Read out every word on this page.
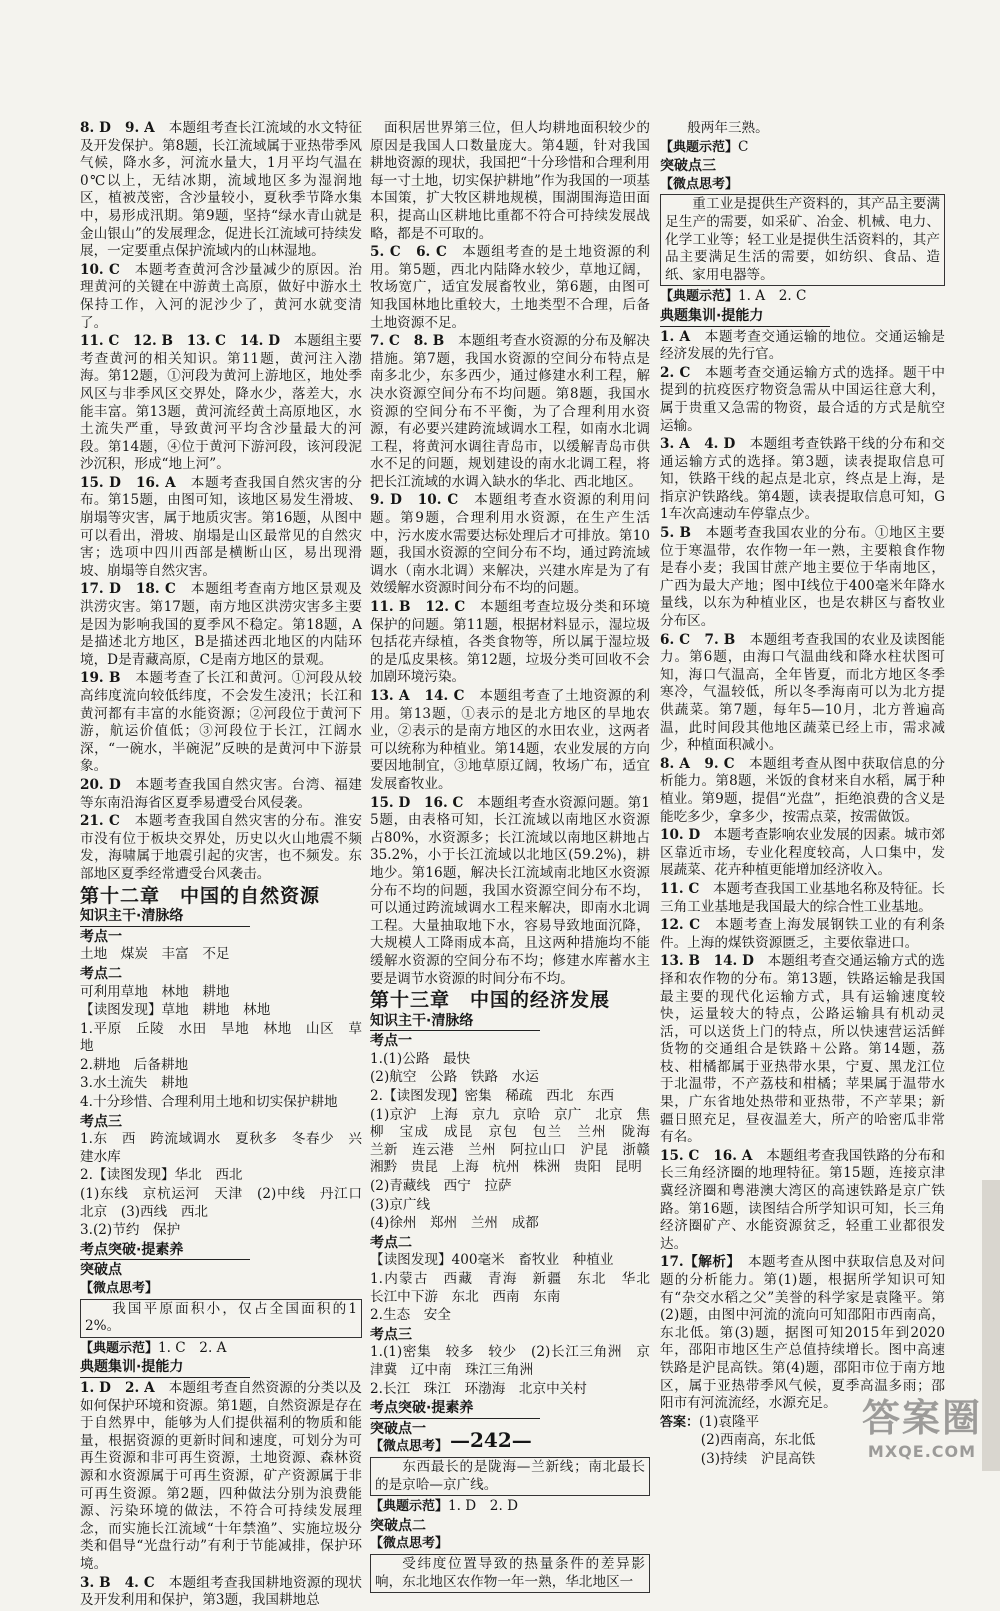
8. D　9. A　本题组考查长江流域的水文特征及开发保护。第8题，长江流域属于亚热带季风气候，降水多，河流水量大，1月平均气温在0℃以上，无结冰期，流域地区多为湿润地区，植被茂密，含沙量较小，夏秋季节降水集中，易形成汛期。第9题，坚持“绿水青山就是金山银山”的发展理念，促进长江流域可持续发展，一定要重点保护流域内的山林湿地。
10. C　本题考查黄河含沙量减少的原因。治理黄河的关键在中游黄土高原，做好中游水土保持工作，入河的泥沙少了，黄河水就变清了。
11. C　12. B　13. C　14. D　本题组主要考查黄河的相关知识。第11题，黄河注入渤海。第12题，①河段为黄河上游地区，地处季风区与非季风区交界处，降水少，落差大，水能丰富。第13题，黄河流经黄土高原地区，水土流失严重，导致黄河平均含沙量最大的河段。第14题，④位于黄河下游河段，该河段泥沙沉积，形成“地上河”。
15. D　16. A　本题考查我国自然灾害的分布。第15题，由图可知，该地区易发生滑坡、崩塌等灾害，属于地质灾害。第16题，从图中可以看出，滑坡、崩塌是山区最常见的自然灾害；选项中四川西部是横断山区，易出现滑坡、崩塌等自然灾害。
17. D　18. C　本题组考查南方地区景观及洪涝灾害。第17题，南方地区洪涝灾害多主要是因为影响我国的夏季风不稳定。第18题，A是描述北方地区，B是描述西北地区的内陆环境，D是青藏高原，C是南方地区的景观。
19. B　本题考查了长江和黄河。①河段从较高纬度流向较低纬度，不会发生凌汛；长江和黄河都有丰富的水能资源；②河段位于黄河下游，航运价值低；③河段位于长江，江阔水深，“一碗水，半碗泥”反映的是黄河中下游景象。
20. D　本题考查我国自然灾害。台湾、福建等东南沿海省区夏季易遭受台风侵袭。
21. C　本题考查我国自然灾害的分布。淮安市没有位于板块交界处，历史以火山地震不频发，海啸属于地震引起的灾害，也不频发。东部地区夏季经常遭受台风袭击。
第十二章　中国的自然资源
知识主干·清脉络
考点一
土地　煤炭　丰富　不足
考点二
可利用草地　林地　耕地
【读图发现】草地　耕地　林地
1.平原　丘陵　水田　旱地　林地　山区　草地
2.耕地　后备耕地
3.水土流失　耕地
4.十分珍惜、合理利用土地和切实保护耕地
考点三
1.东　西　跨流域调水　夏秋多　冬春少　兴建水库
2.【读图发现】华北　西北
(1)东线　京杭运河　天津　(2)中线　丹江口　北京　(3)西线　西北
3.(2)节约　保护
考点突破·提素养
突破点
【微点思考】
我国平原面积小，仅占全国面积的12%。
【典题示范】1. C　2. A
典题集训·提能力
1. D　2. A　本题组考查自然资源的分类以及如何保护环境和资源。第1题，自然资源是存在于自然界中，能够为人们提供福利的物质和能量，根据资源的更新时间和速度，可划分为可再生资源和非可再生资源，土地资源、森林资源和水资源属于可再生资源，矿产资源属于非可再生资源。第2题，四种做法分别为浪费能源、污染环境的做法，不符合可持续发展理念，而实施长江流域“十年禁渔”、实施垃圾分类和倡导“光盘行动”有利于节能减排，保护环境。
3. B　4. C　本题组考查我国耕地资源的现状及开发利用和保护，第3题，我国耕地总
　面积居世界第三位，但人均耕地面积较少的原因是我国人口数量庞大。第4题，针对我国耕地资源的现状，我国把“十分珍惜和合理利用每一寸土地，切实保护耕地”作为我国的一项基本国策，扩大牧区耕地规模，围湖围海造田面积，提高山区耕地比重都不符合可持续发展战略，都是不可取的。
5. C　6. C　本题组考查的是土地资源的利用。第5题，西北内陆降水较少，草地辽阔，牧场宽广，适宜发展畜牧业，第6题，由图可知我国林地比重较大，土地类型不合理，后备土地资源不足。
7. C　8. B　本题组考查水资源的分布及解决措施。第7题，我国水资源的空间分布特点是南多北少，东多西少，通过修建水利工程，解决水资源空间分布不均问题。第8题，我国水资源的空间分布不平衡，为了合理利用水资源，有必要兴建跨流域调水工程，如南水北调工程，将黄河水调往青岛市，以缓解青岛市供水不足的问题，规划建设的南水北调工程，将把长江流域的水调入缺水的华北、西北地区。
9. D　10. C　本题组考查水资源的利用问题。第9题，合理利用水资源，在生产生活中，污水废水需要达标处理后才可排放。第10题，我国水资源的空间分布不均，通过跨流域调水（南水北调）来解决，兴建水库是为了有效缓解水资源时间分布不均的问题。
11. B　12. C　本题组考查垃圾分类和环境保护的问题。第11题，根据材料显示，湿垃圾包括花卉绿植，各类食物等，所以属于湿垃圾的是瓜皮果核。第12题，垃圾分类可回收不会加剧环境污染。
13. A　14. C　本题组考查了土地资源的利用。第13题，①表示的是北方地区的旱地农业，②表示的是南方地区的水田农业，这两者可以统称为种植业。第14题，农业发展的方向要因地制宜，③地草原辽阔，牧场广布，适宜发展畜牧业。
15. D　16. C　本题组考查水资源问题。第15题，由表格可知，长江流域以南地区水资源占80%，水资源多；长江流域以南地区耕地占35.2%，小于长江流域以北地区(59.2%)，耕地少。第16题，解决长江流域南北地区水资源分布不均的问题，我国水资源空间分布不均，可以通过跨流域调水工程来解决，即南水北调工程。大量抽取地下水，容易导致地面沉降，大规模人工降雨成本高，且这两种措施均不能缓解水资源的空间分布不均；修建水库蓄水主要是调节水资源的时间分布不均。
第十三章　中国的经济发展
知识主干·清脉络
考点一
1.(1)公路　最快
(2)航空　公路　铁路　水运
2.【读图发现】密集　稀疏　西北　东西
(1)京沪　上海　京九　京哈　京广　北京　焦柳　宝成　成昆　京包　包兰　兰州　陇海　兰新　连云港　兰州　阿拉山口　沪昆　浙赣　湘黔　贵昆　上海　杭州　株洲　贵阳　昆明
(2)青藏线　西宁　拉萨
(3)京广线
(4)徐州　郑州　兰州　成都
考点二
【读图发现】400毫米　畜牧业　种植业
1.内蒙古　西藏　青海　新疆　东北　华北　长江中下游　东北　西南　东南
2.生态　安全
考点三
1.(1)密集　较多　较少　(2)长江三角洲　京津冀　辽中南　珠江三角洲
2.长江　珠江　环渤海　北京中关村
考点突破·提素养
突破点一
【微点思考】
东西最长的是陇海—兰新线；南北最长的是京哈—京广线。
【典题示范】1. D　2. D
突破点二
【微点思考】
受纬度位置导致的热量条件的差异影响，东北地区农作物一年一熟，华北地区一
般两年三熟。
【典题示范】C
突破点三
【微点思考】
重工业是提供生产资料的，其产品主要满足生产的需要，如采矿、冶金、机械、电力、化学工业等；轻工业是提供生活资料的，其产品主要满足生活的需要，如纺织、食品、造纸、家用电器等。
【典题示范】1. A　2. C
典题集训·提能力
1. A　本题考查交通运输的地位。交通运输是经济发展的先行官。
2. C　本题考查交通运输方式的选择。题干中提到的抗疫医疗物资急需从中国运往意大利，属于贵重又急需的物资，最合适的方式是航空运输。
3. A　4. D　本题组考查铁路干线的分布和交通运输方式的选择。第3题，读表提取信息可知，铁路干线的起点是北京，终点是上海，是指京沪铁路线。第4题，读表提取信息可知，G1车次高速动车停靠点少。
5. B　本题考查我国农业的分布。①地区主要位于寒温带，农作物一年一熟，主要粮食作物是春小麦；我国甘蔗产地主要位于华南地区，广西为最大产地；图中Ⅰ线位于400毫米年降水量线，以东为种植业区，也是农耕区与畜牧业分布区。
6. C　7. B　本题组考查我国的农业及读图能力。第6题，由海口气温曲线和降水柱状图可知，海口气温高，全年皆夏，而北方地区冬季寒冷，气温较低，所以冬季海南可以为北方提供蔬菜。第7题，每年5—10月，北方普遍高温，此时间段其他地区蔬菜已经上市，需求减少，种植面积减小。
8. A　9. C　本题组考查从图中获取信息的分析能力。第8题，米饭的食材来自水稻，属于种植业。第9题，提倡“光盘”，拒绝浪费的含义是能吃多少，拿多少，按需点菜，按需做饭。
10. D　本题考查影响农业发展的因素。城市郊区靠近市场，专业化程度较高，人口集中，发展蔬菜、花卉种植更能增加经济收入。
11. C　本题考查我国工业基地名称及特征。长三角工业基地是我国最大的综合性工业基地。
12. C　本题考查上海发展钢铁工业的有利条件。上海的煤铁资源匮乏，主要依靠进口。
13. B　14. D　本题组考查交通运输方式的选择和农作物的分布。第13题，铁路运输是我国最主要的现代化运输方式，具有运输速度较快，运量较大的特点，公路运输具有机动灵活，可以送货上门的特点，所以快速营运活鲜货物的交通组合是铁路＋公路。第14题，荔枝、柑橘都属于亚热带水果，宁夏、黑龙江位于北温带，不产荔枝和柑橘；苹果属于温带水果，广东省地处热带和亚热带，不产苹果；新疆日照充足，昼夜温差大，所产的哈密瓜非常有名。
15. C　16. A　本题组考查我国铁路的分布和长三角经济圈的地理特征。第15题，连接京津冀经济圈和粤港澳大湾区的高速铁路是京广铁路。第16题，读图结合所学知识可知，长三角经济圈矿产、水能资源贫乏，轻重工业都很发达。
17.【解析】　本题考查从图中获取信息及对问题的分析能力。第(1)题，根据所学知识可知有“杂交水稻之父”美誉的科学家是袁隆平。第(2)题，由图中河流的流向可知邵阳市西南高，东北低。第(3)题，据图可知2015年到2020年，邵阳市地区生产总值持续增长。图中高速铁路是沪昆高铁。第(4)题，邵阳市位于南方地区，属于亚热带季风气候，夏季高温多雨；邵阳市有河流流经，水源充足。
答案：(1)袁隆平
(2)西南高，东北低
(3)持续　沪昆高铁
—242—	答案圈
MXQE.COM
